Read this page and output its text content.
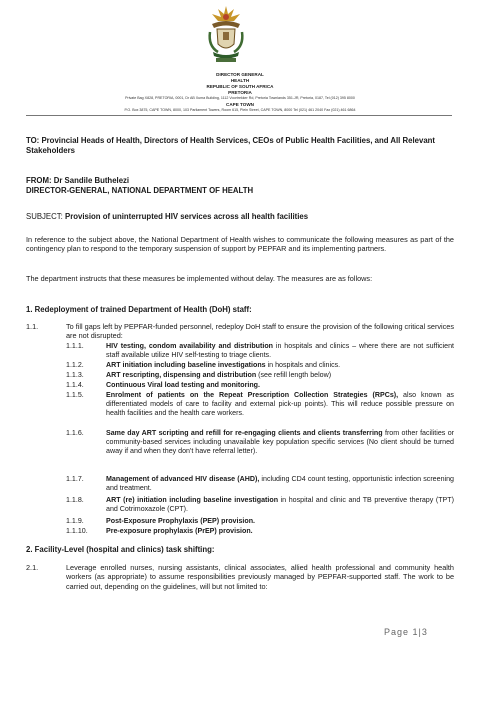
DIRECTOR GENERAL
HEALTH
REPUBLIC OF SOUTH AFRICA
PRETORIA
Private Bag X828, PRETORIA, 0001, Dr AB Xuma Building, 1112 Voortrekker Rd, Pretoria Townlands 351-JR, Pretoria, 0187, Tel (012) 395 8000
CAPE TOWN
P.O. Box 3875, CAPE TOWN, 8000, 103 Parliament Towers, Room 615, Plein Street, CAPE TOWN, 8000 Tel (021) 461 2040 Fax (021) 461 6864
TO: Provincial Heads of Health, Directors of Health Services, CEOs of Public Health Facilities, and All Relevant Stakeholders
FROM: Dr Sandile Buthelezi
DIRECTOR-GENERAL, NATIONAL DEPARTMENT OF HEALTH
SUBJECT: Provision of uninterrupted HIV services across all health facilities
In reference to the subject above, the National Department of Health wishes to communicate the following measures as part of the contingency plan to respond to the temporary suspension of support by PEPFAR and its implementing partners.
The department instructs that these measures be implemented without delay. The measures are as follows:
1. Redeployment of trained Department of Health (DoH) staff:
1.1.	To fill gaps left by PEPFAR-funded personnel, redeploy DoH staff to ensure the provision of the following critical services are not disrupted:
1.1.1.	HIV testing, condom availability and distribution in hospitals and clinics – where there are not sufficient staff available utilize HIV self-testing to triage clients.
1.1.2.	ART initiation including baseline investigations in hospitals and clinics.
1.1.3.	ART rescripting, dispensing and distribution (see refill length below)
1.1.4.	Continuous Viral load testing and monitoring.
1.1.5.	Enrolment of patients on the Repeat Prescription Collection Strategies (RPCs), also known as differentiated models of care to facility and external pick-up points). This will reduce possible pressure on health facilities and the health care workers.
1.1.6.	Same day ART scripting and refill for re-engaging clients and clients transferring from other facilities or community-based services including unavailable key population specific services (No client should be turned away if and when they don't have referral letter).
1.1.7.	Management of advanced HIV disease (AHD), including CD4 count testing, opportunistic infection screening and treatment.
1.1.8.	ART (re) initiation including baseline investigation in hospital and clinic and TB preventive therapy (TPT) and Cotrimoxazole (CPT).
1.1.9.	Post-Exposure Prophylaxis (PEP) provision.
1.1.10.	Pre-exposure prophylaxis (PrEP) provision.
2. Facility-Level (hospital and clinics) task shifting:
2.1.	Leverage enrolled nurses, nursing assistants, clinical associates, allied health professional and community health workers (as appropriate) to assume responsibilities previously managed by PEPFAR-supported staff. The work to be carried out, depending on the guidelines, will but not limited to:
Page 1|3
